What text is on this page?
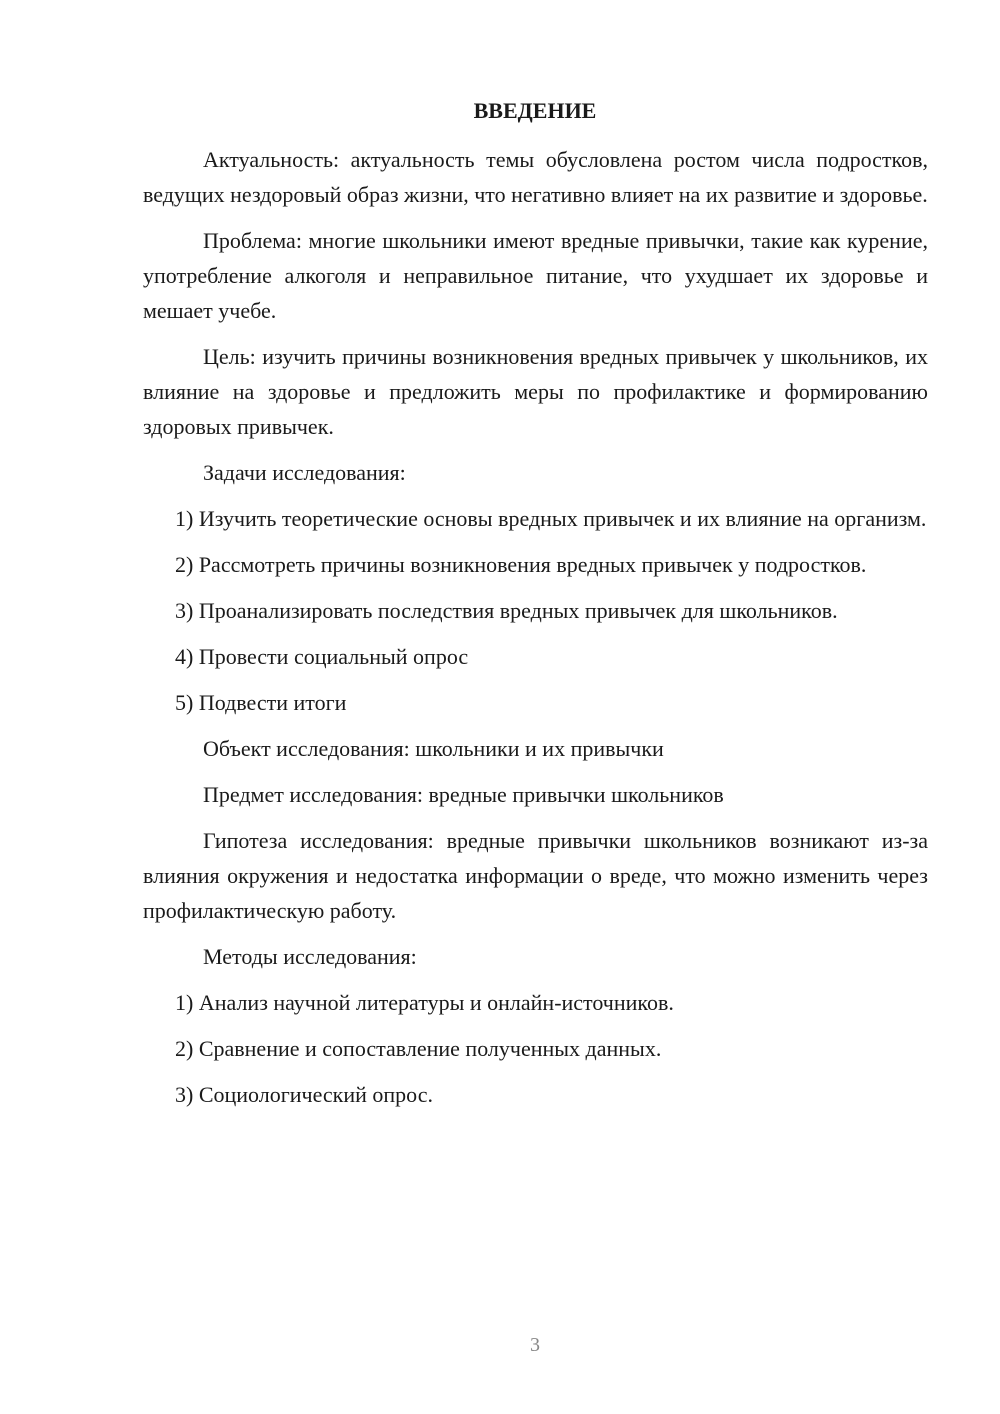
ВВЕДЕНИЕ

Актуальность: актуальность темы обусловлена ростом числа подростков, ведущих нездоровый образ жизни, что негативно влияет на их развитие и здоровье.

Проблема: многие школьники имеют вредные привычки, такие как курение, употребление алкоголя и неправильное питание, что ухудшает их здоровье и мешает учебе.

Цель: изучить причины возникновения вредных привычек у школьников, их влияние на здоровье и предложить меры по профилактике и формированию здоровых привычек.

Задачи исследования:

1) Изучить теоретические основы вредных привычек и их влияние на организм.

2) Рассмотреть причины возникновения вредных привычек у подростков.

3) Проанализировать последствия вредных привычек для школьников.

4) Провести социальный опрос

5) Подвести итоги

Объект исследования: школьники и их привычки

Предмет исследования: вредные привычки школьников

Гипотеза исследования: вредные привычки школьников возникают из-за влияния окружения и недостатка информации о вреде, что можно изменить через профилактическую работу.

Методы исследования:

1) Анализ научной литературы и онлайн-источников.

2) Сравнение и сопоставление полученных данных.

3) Социологический опрос.

3
